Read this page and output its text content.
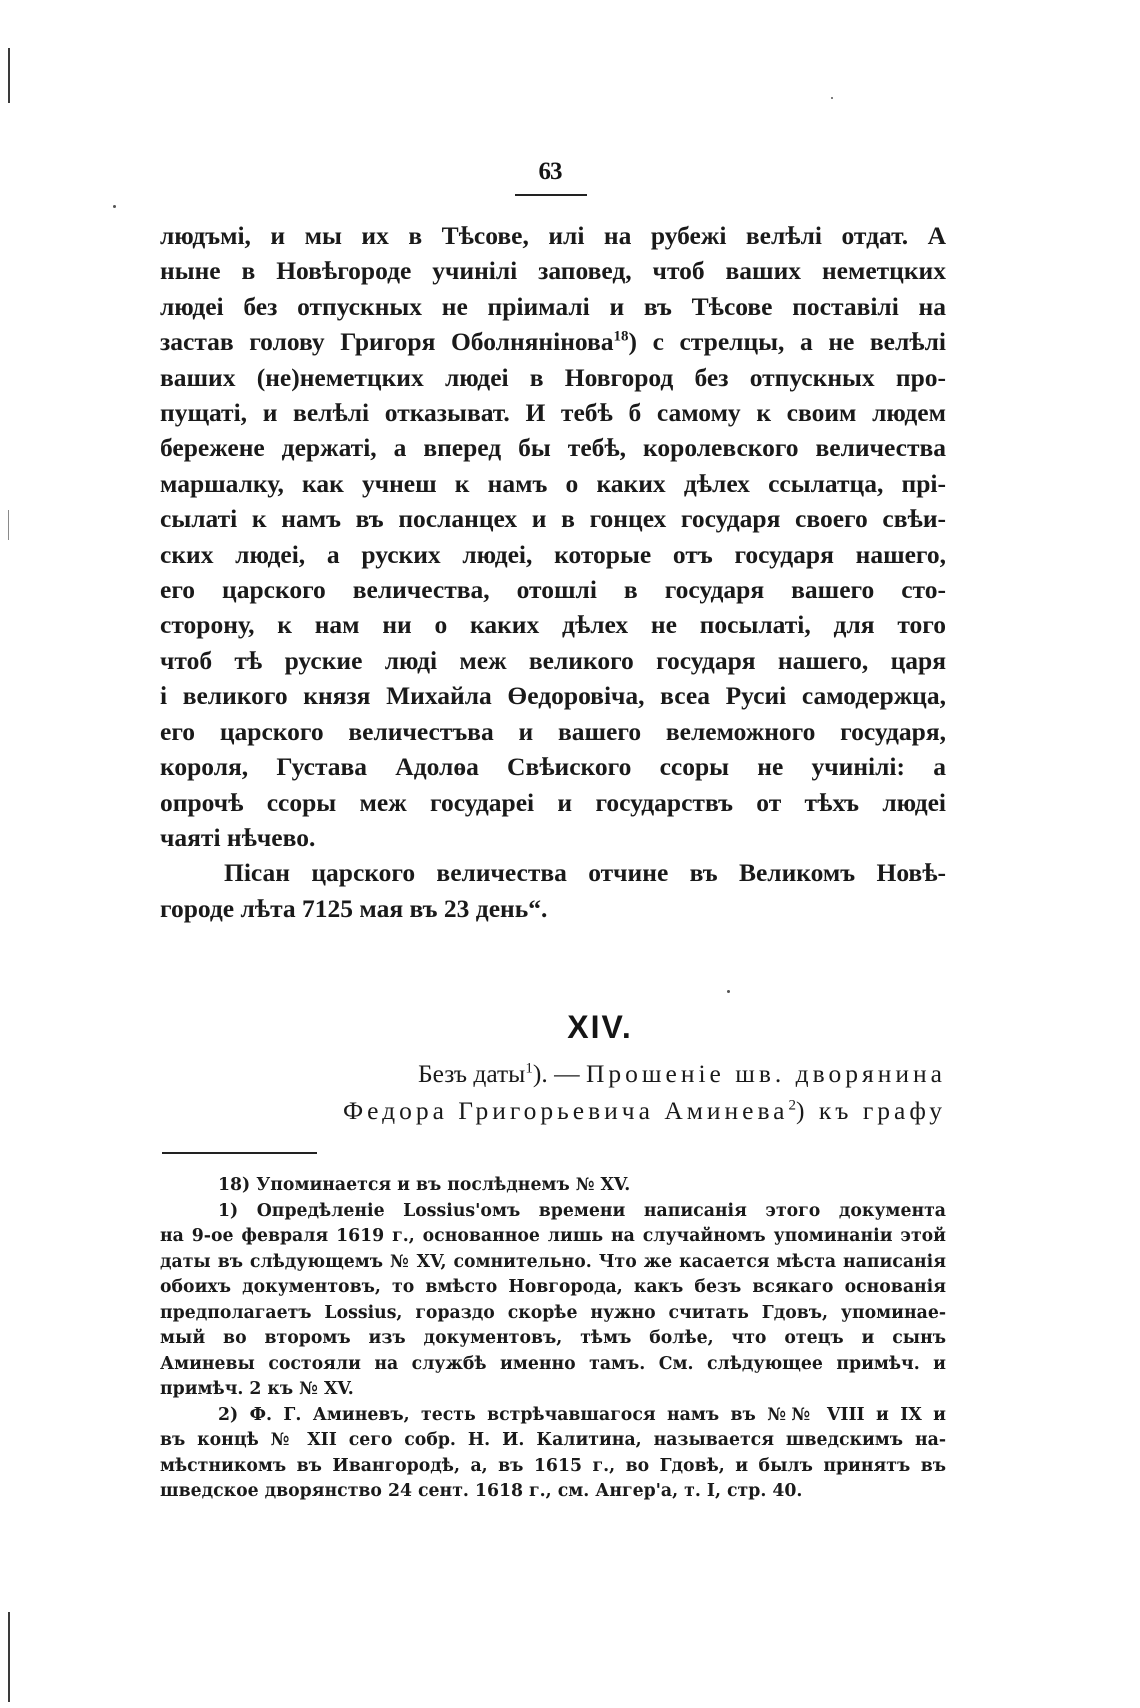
63
людъмi, и мы их в Тѣсове, илi на рубежi велѣлi отдат. А
ныне в Новѣгороде учинiлi заповед, чтоб ваших неметцких
людеi без отпускных не прiималi и въ Тѣсове поставiлi на
застав голову Григоря Оболнянiнова$^{18}$) с стрелцы, а не велѣлi
ваших (не)неметцких людеi в Новгород без отпускных про-
пущатi, и велѣлi отказыват. И тебѣ б самому к своим людем
бережене держатi, а вперед бы тебѣ, королевского величества
маршалку, как учнеш к намъ о каких дѣлех ссылатца, прi-
сылатi к намъ въ посланцех и в гонцех государя своего свѣи-
ских людеi, а руских людеi, которые отъ государя нашего,
его царского величества, отошлi в государя вашего сто-
сторону, к нам ни о каких дѣлех не посылатi, для того
чтоб тѣ руские люді меж великого государя нашего, царя
і великого князя Михайла Өедоровiча, всеа Русиi самодержца,
его царского величестъва и вашего велеможного государя,
короля, Густава Адолөа Свѣиского ссоры не учинiлi: а
опрочѣ ссоры меж государеi и государствъ от тѣхъ людеi
чаятi нѣчево.
Пiсан царского величества отчине въ Великомъ Новѣ-
городе лѣта 7125 мая въ 23 день“.
XIV.
Безъ даты$^1$). — Прошенiе шв. дворянина
Федора Григорьевича Аминева$^2$) къ графу
18) Упоминается и въ послѣднемъ № XV.
1) Опредѣленiе Lossius'омъ времени написанiя этого документа
на 9-ое февраля 1619 г., основанное лишь на случайномъ упоминанiи этой
даты въ слѣдующемъ № XV, сомнительно. Что же касается мѣста написанiя
обоихъ документовъ, то вмѣсто Новгорода, какъ безъ всякаго основанiя
предполагаетъ Lossius, гораздо скорѣе нужно считать Гдовъ, упоминае-
мый во второмъ изъ документовъ, тѣмъ болѣе, что отецъ и сынъ
Аминевы состояли на службѣ именно тамъ. См. слѣдующее примѣч. и
примѣч. 2 къ № XV.
2) Ф. Г. Аминевъ, тесть встрѣчавшагося намъ въ №№ VIII и IX и
въ концѣ № XII сего собр. Н. И. Калитина, называется шведскимъ на-
мѣстникомъ въ Ивангородѣ, а, въ 1615 г., во Гдовѣ, и былъ принятъ въ
шведское дворянство 24 сент. 1618 г., см. Ангер'а, т. I, стр. 40.
